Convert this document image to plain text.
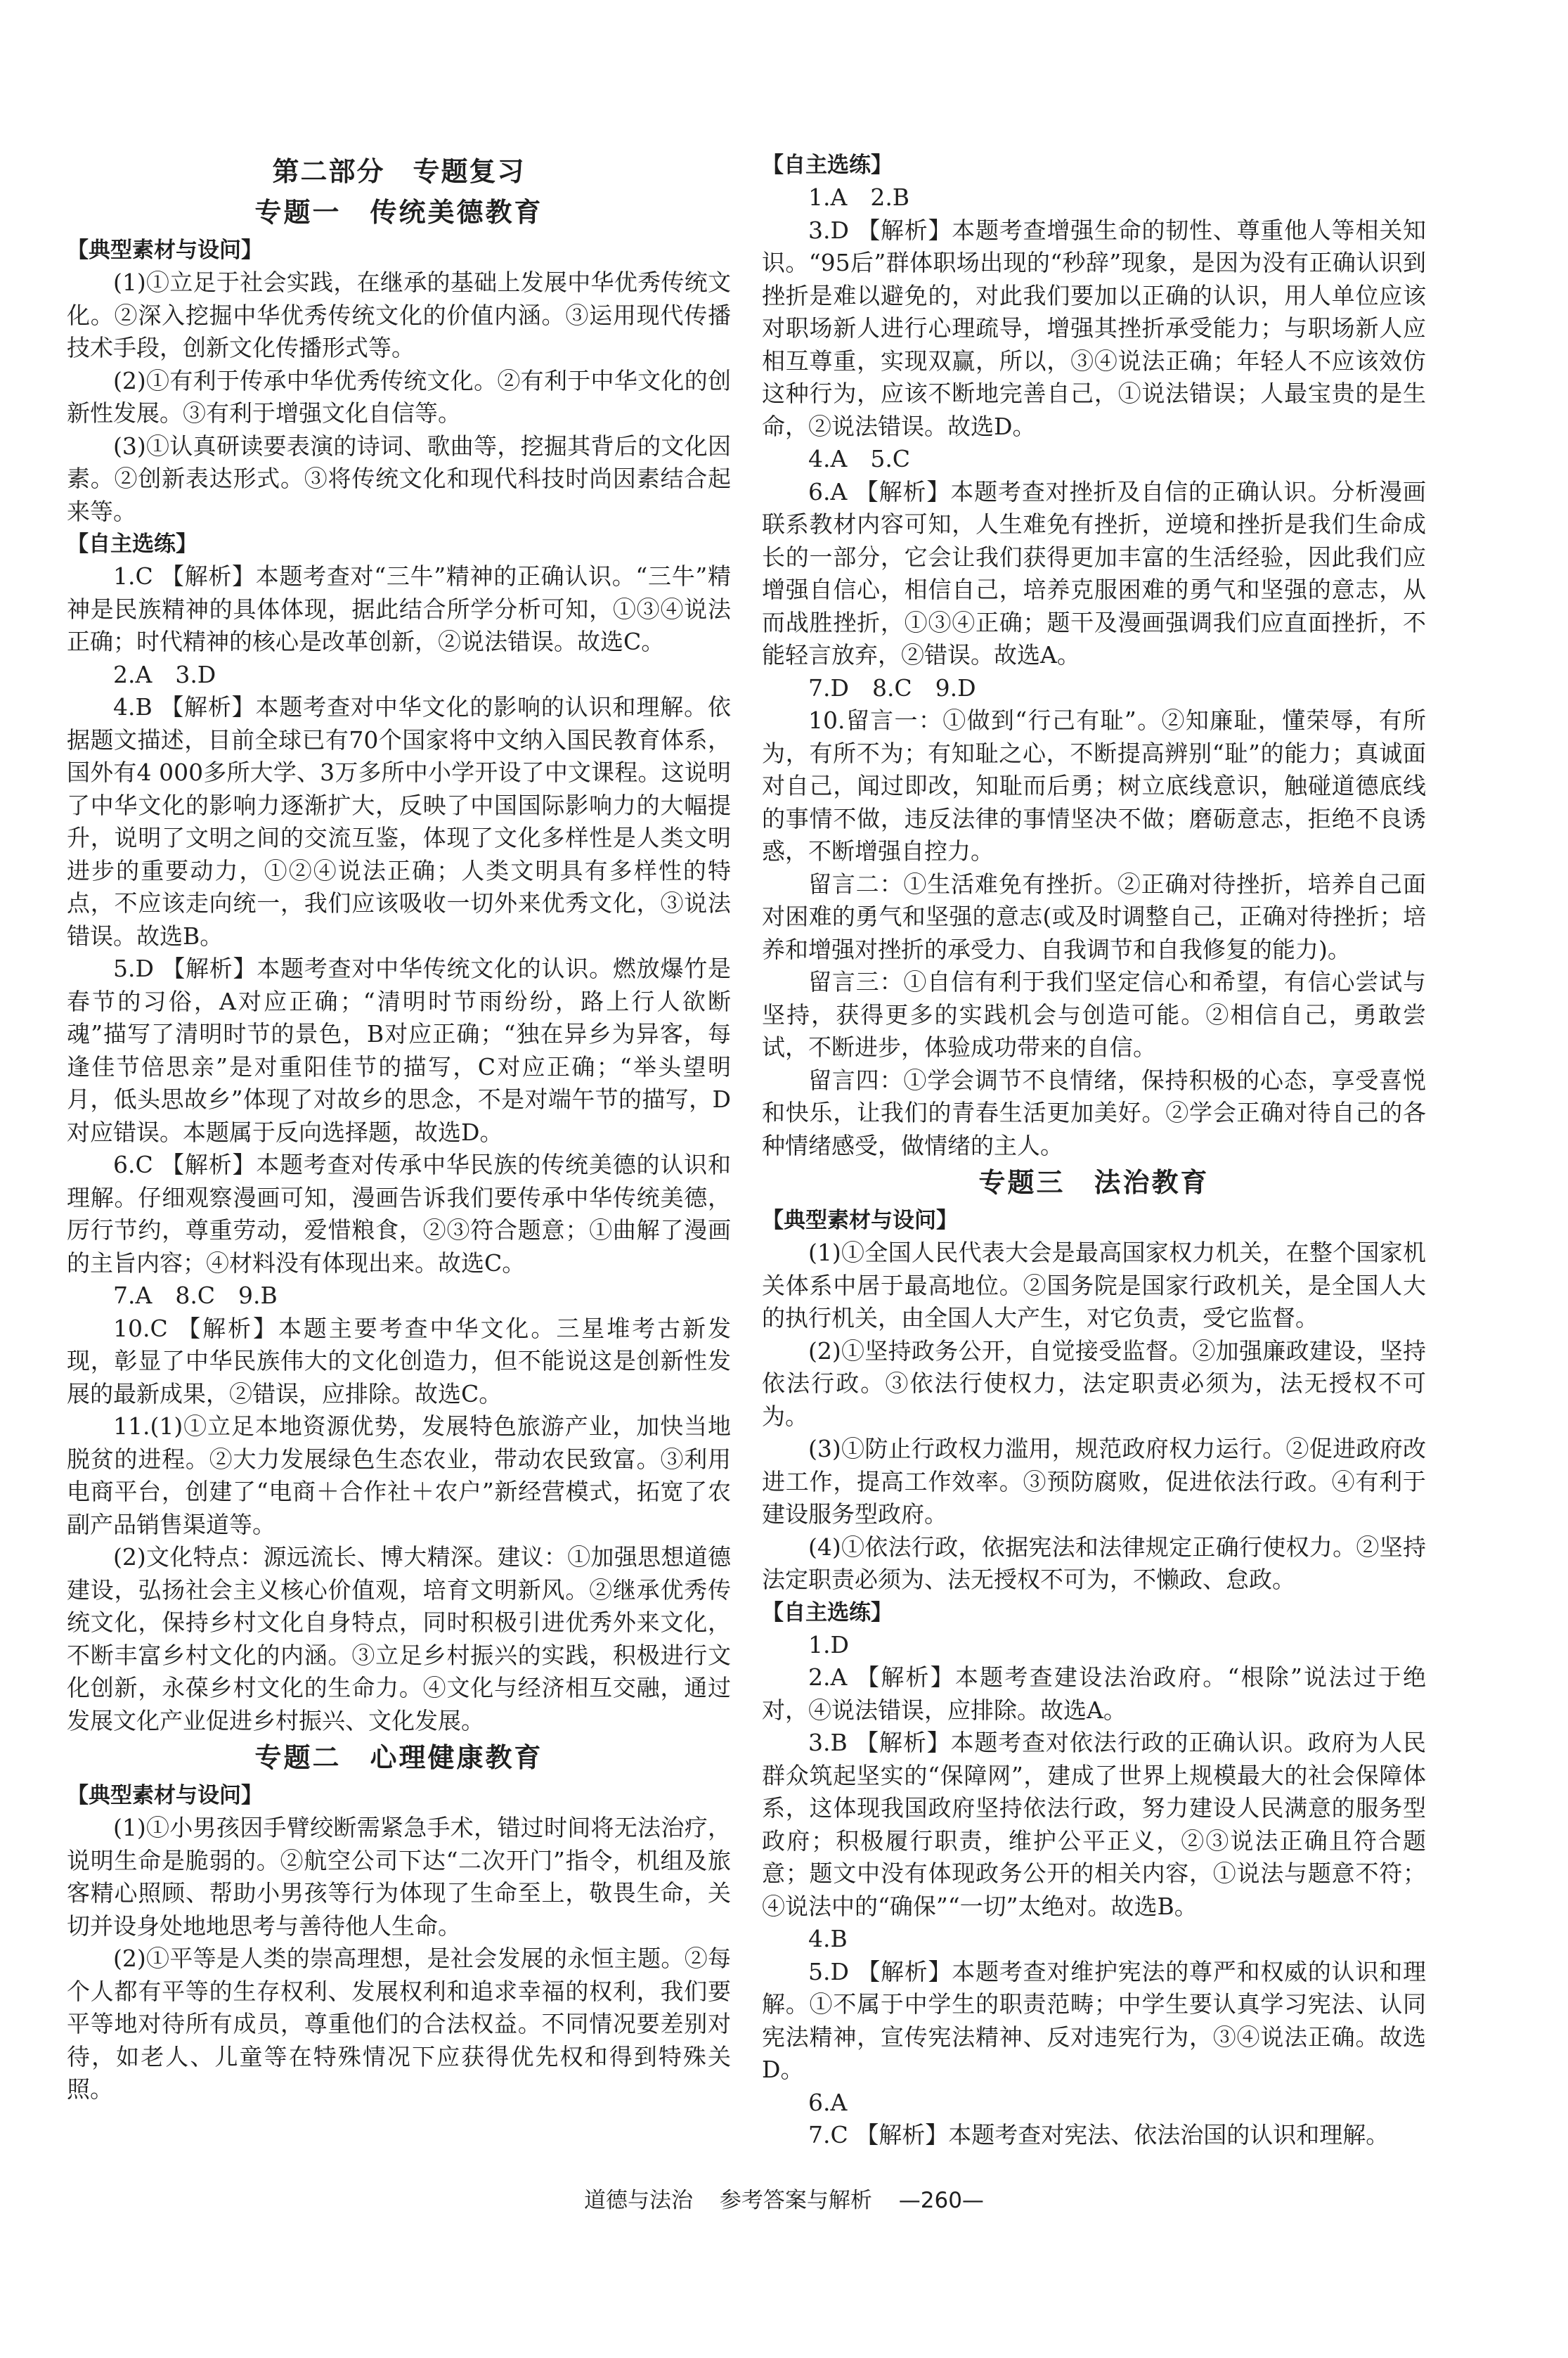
第二部分　专题复习
专题一　传统美德教育
【典型素材与设问】

(1)①立足于社会实践，在继承的基础上发展中华优秀传统文化。②深入挖掘中华优秀传统文化的价值内涵。③运用现代传播技术手段，创新文化传播形式等。

(2)①有利于传承中华优秀传统文化。②有利于中华文化的创新性发展。③有利于增强文化自信等。

(3)①认真研读要表演的诗词、歌曲等，挖掘其背后的文化因素。②创新表达形式。③将传统文化和现代科技时尚因素结合起来等。

【自主选练】

1.C 【解析】本题考查对“三牛”精神的正确认识。“三牛”精神是民族精神的具体体现，据此结合所学分析可知，①③④说法正确；时代精神的核心是改革创新，②说法错误。故选C。

2.A　3.D

4.B 【解析】本题考查对中华文化的影响的认识和理解。依据题文描述，目前全球已有70个国家将中文纳入国民教育体系，国外有4 000多所大学、3万多所中小学开设了中文课程。这说明了中华文化的影响力逐渐扩大，反映了中国国际影响力的大幅提升，说明了文明之间的交流互鉴，体现了文化多样性是人类文明进步的重要动力，①②④说法正确；人类文明具有多样性的特点，不应该走向统一，我们应该吸收一切外来优秀文化，③说法错误。故选B。

5.D 【解析】本题考查对中华传统文化的认识。燃放爆竹是春节的习俗，A对应正确；“清明时节雨纷纷，路上行人欲断魂”描写了清明时节的景色，B对应正确；“独在异乡为异客，每逢佳节倍思亲”是对重阳佳节的描写，C对应正确；“举头望明月，低头思故乡”体现了对故乡的思念，不是对端午节的描写，D对应错误。本题属于反向选择题，故选D。

6.C 【解析】本题考查对传承中华民族的传统美德的认识和理解。仔细观察漫画可知，漫画告诉我们要传承中华传统美德，厉行节约，尊重劳动，爱惜粮食，②③符合题意；①曲解了漫画的主旨内容；④材料没有体现出来。故选C。

7.A　8.C　9.B

10.C 【解析】本题主要考查中华文化。三星堆考古新发现，彰显了中华民族伟大的文化创造力，但不能说这是创新性发展的最新成果，②错误，应排除。故选C。

11.(1)①立足本地资源优势，发展特色旅游产业，加快当地脱贫的进程。②大力发展绿色生态农业，带动农民致富。③利用电商平台，创建了“电商＋合作社＋农户”新经营模式，拓宽了农副产品销售渠道等。

(2)文化特点：源远流长、博大精深。建议：①加强思想道德建设，弘扬社会主义核心价值观，培育文明新风。②继承优秀传统文化，保持乡村文化自身特点，同时积极引进优秀外来文化，不断丰富乡村文化的内涵。③立足乡村振兴的实践，积极进行文化创新，永葆乡村文化的生命力。④文化与经济相互交融，通过发展文化产业促进乡村振兴、文化发展。

专题二　心理健康教育
【典型素材与设问】

(1)①小男孩因手臂绞断需紧急手术，错过时间将无法治疗，说明生命是脆弱的。②航空公司下达“二次开门”指令，机组及旅客精心照顾、帮助小男孩等行为体现了生命至上，敬畏生命，关切并设身处地地思考与善待他人生命。

(2)①平等是人类的崇高理想，是社会发展的永恒主题。②每个人都有平等的生存权利、发展权利和追求幸福的权利，我们要平等地对待所有成员，尊重他们的合法权益。不同情况要差别对待，如老人、儿童等在特殊情况下应获得优先权和得到特殊关照。

【自主选练】

1.A　2.B

3.D 【解析】本题考查增强生命的韧性、尊重他人等相关知识。“95后”群体职场出现的“秒辞”现象，是因为没有正确认识到挫折是难以避免的，对此我们要加以正确的认识，用人单位应该对职场新人进行心理疏导，增强其挫折承受能力；与职场新人应相互尊重，实现双赢，所以，③④说法正确；年轻人不应该效仿这种行为，应该不断地完善自己，①说法错误；人最宝贵的是生命，②说法错误。故选D。

4.A　5.C

6.A 【解析】本题考查对挫折及自信的正确认识。分析漫画联系教材内容可知，人生难免有挫折，逆境和挫折是我们生命成长的一部分，它会让我们获得更加丰富的生活经验，因此我们应增强自信心，相信自己，培养克服困难的勇气和坚强的意志，从而战胜挫折，①③④正确；题干及漫画强调我们应直面挫折，不能轻言放弃，②错误。故选A。

7.D　8.C　9.D

10.留言一：①做到“行己有耻”。②知廉耻，懂荣辱，有所为，有所不为；有知耻之心，不断提高辨别“耻”的能力；真诚面对自己，闻过即改，知耻而后勇；树立底线意识，触碰道德底线的事情不做，违反法律的事情坚决不做；磨砺意志，拒绝不良诱惑，不断增强自控力。

留言二：①生活难免有挫折。②正确对待挫折，培养自己面对困难的勇气和坚强的意志(或及时调整自己，正确对待挫折；培养和增强对挫折的承受力、自我调节和自我修复的能力)。

留言三：①自信有利于我们坚定信心和希望，有信心尝试与坚持，获得更多的实践机会与创造可能。②相信自己，勇敢尝试，不断进步，体验成功带来的自信。

留言四：①学会调节不良情绪，保持积极的心态，享受喜悦和快乐，让我们的青春生活更加美好。②学会正确对待自己的各种情绪感受，做情绪的主人。

专题三　法治教育
【典型素材与设问】

(1)①全国人民代表大会是最高国家权力机关，在整个国家机关体系中居于最高地位。②国务院是国家行政机关，是全国人大的执行机关，由全国人大产生，对它负责，受它监督。

(2)①坚持政务公开，自觉接受监督。②加强廉政建设，坚持依法行政。③依法行使权力，法定职责必须为，法无授权不可为。

(3)①防止行政权力滥用，规范政府权力运行。②促进政府改进工作，提高工作效率。③预防腐败，促进依法行政。④有利于建设服务型政府。

(4)①依法行政，依据宪法和法律规定正确行使权力。②坚持法定职责必须为、法无授权不可为，不懒政、怠政。

【自主选练】

1.D

2.A 【解析】本题考查建设法治政府。“根除”说法过于绝对，④说法错误，应排除。故选A。

3.B 【解析】本题考查对依法行政的正确认识。政府为人民群众筑起坚实的“保障网”，建成了世界上规模最大的社会保障体系，这体现我国政府坚持依法行政，努力建设人民满意的服务型政府；积极履行职责，维护公平正义，②③说法正确且符合题意；题文中没有体现政务公开的相关内容，①说法与题意不符；④说法中的“确保”“一切”太绝对。故选B。

4.B

5.D 【解析】本题考查对维护宪法的尊严和权威的认识和理解。①不属于中学生的职责范畴；中学生要认真学习宪法、认同宪法精神，宣传宪法精神、反对违宪行为，③④说法正确。故选D。

6.A

7.C 【解析】本题考查对宪法、依法治国的认识和理解。

道德与法治 参考答案与解析 —260—
